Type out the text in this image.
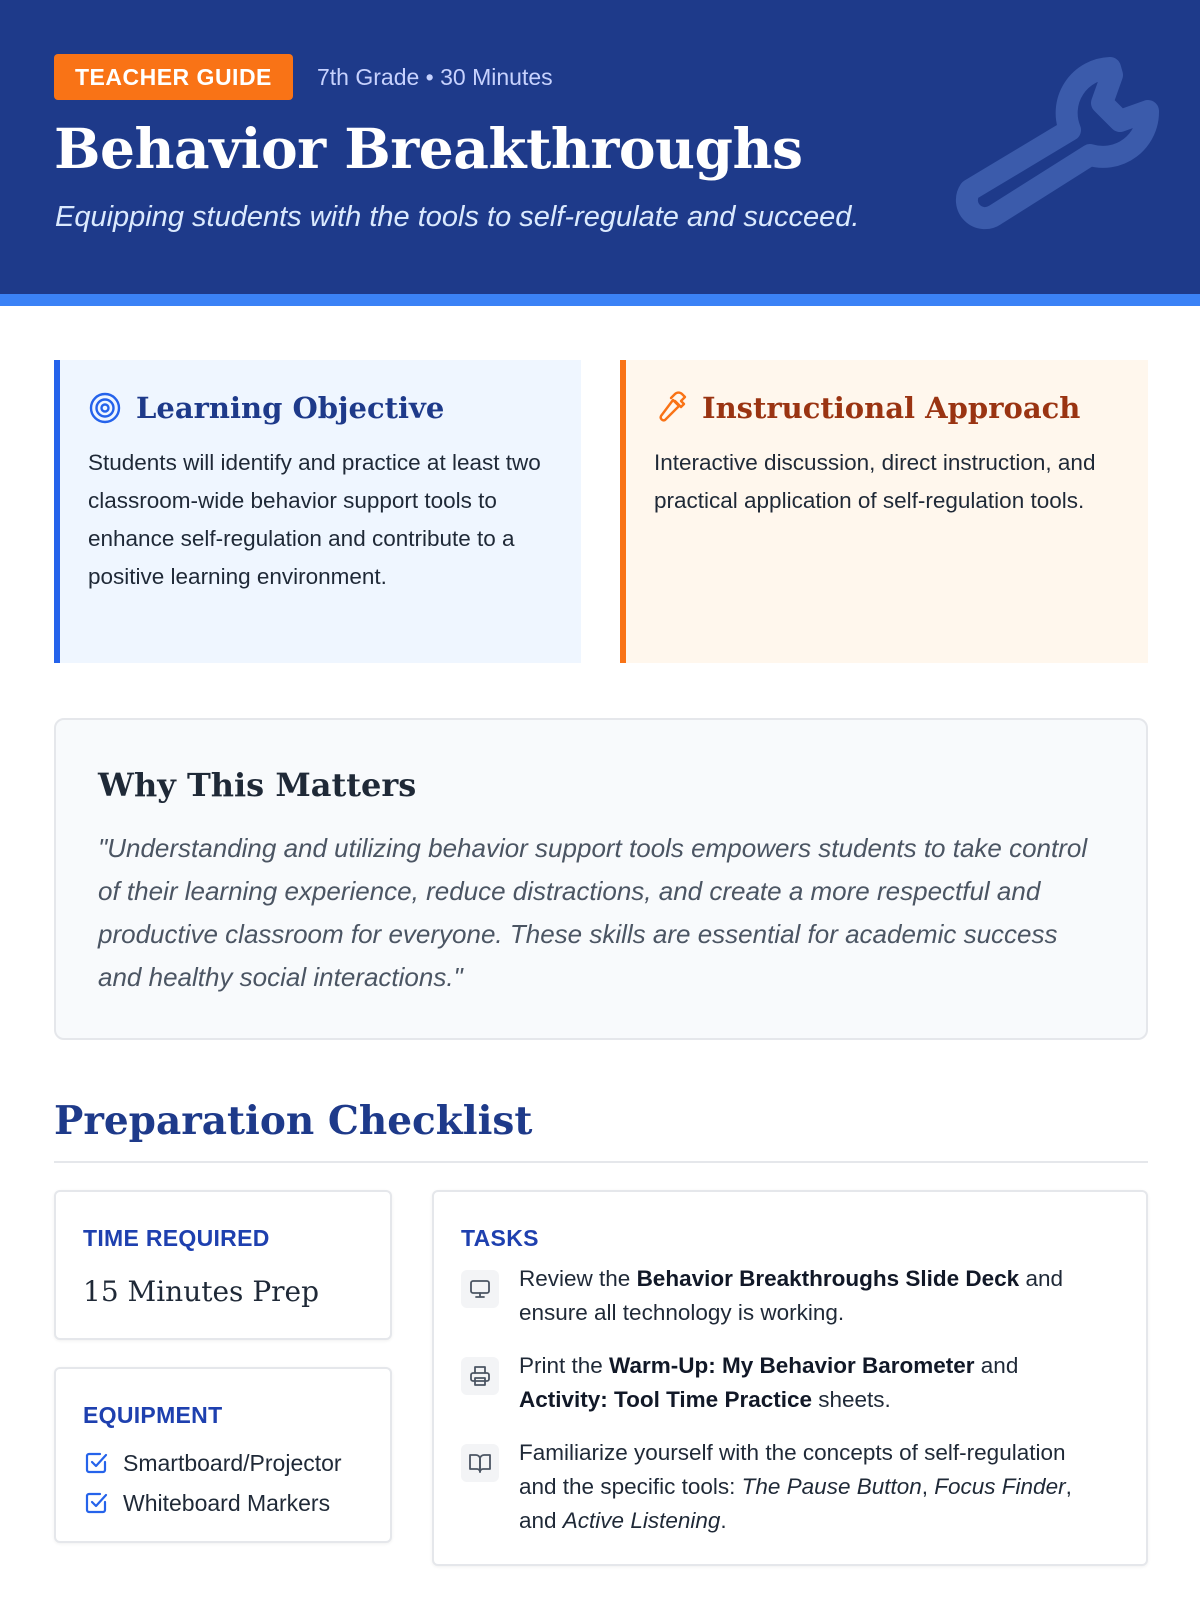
TEACHER GUIDE	7th Grade • 30 Minutes
Behavior Breakthroughs
Equipping students with the tools to self-regulate and succeed.
Learning Objective

Students will identify and practice at least two classroom-wide behavior support tools to enhance self-regulation and contribute to a positive learning environment.

Instructional Approach

Interactive discussion, direct instruction, and practical application of self-regulation tools.

Why This Matters

"Understanding and utilizing behavior support tools empowers students to take control of their learning experience, reduce distractions, and create a more respectful and productive classroom for everyone. These skills are essential for academic success and healthy social interactions."

Preparation Checklist
TIME REQUIRED
15 Minutes Prep
EQUIPMENT
Smartboard/Projector
Whiteboard Markers
TASKS
Review the Behavior Breakthroughs Slide Deck and ensure all technology is working.
Print the Warm-Up: My Behavior Barometer and Activity: Tool Time Practice sheets.
Familiarize yourself with the concepts of self-regulation and the specific tools: The Pause Button, Focus Finder, and Active Listening.
